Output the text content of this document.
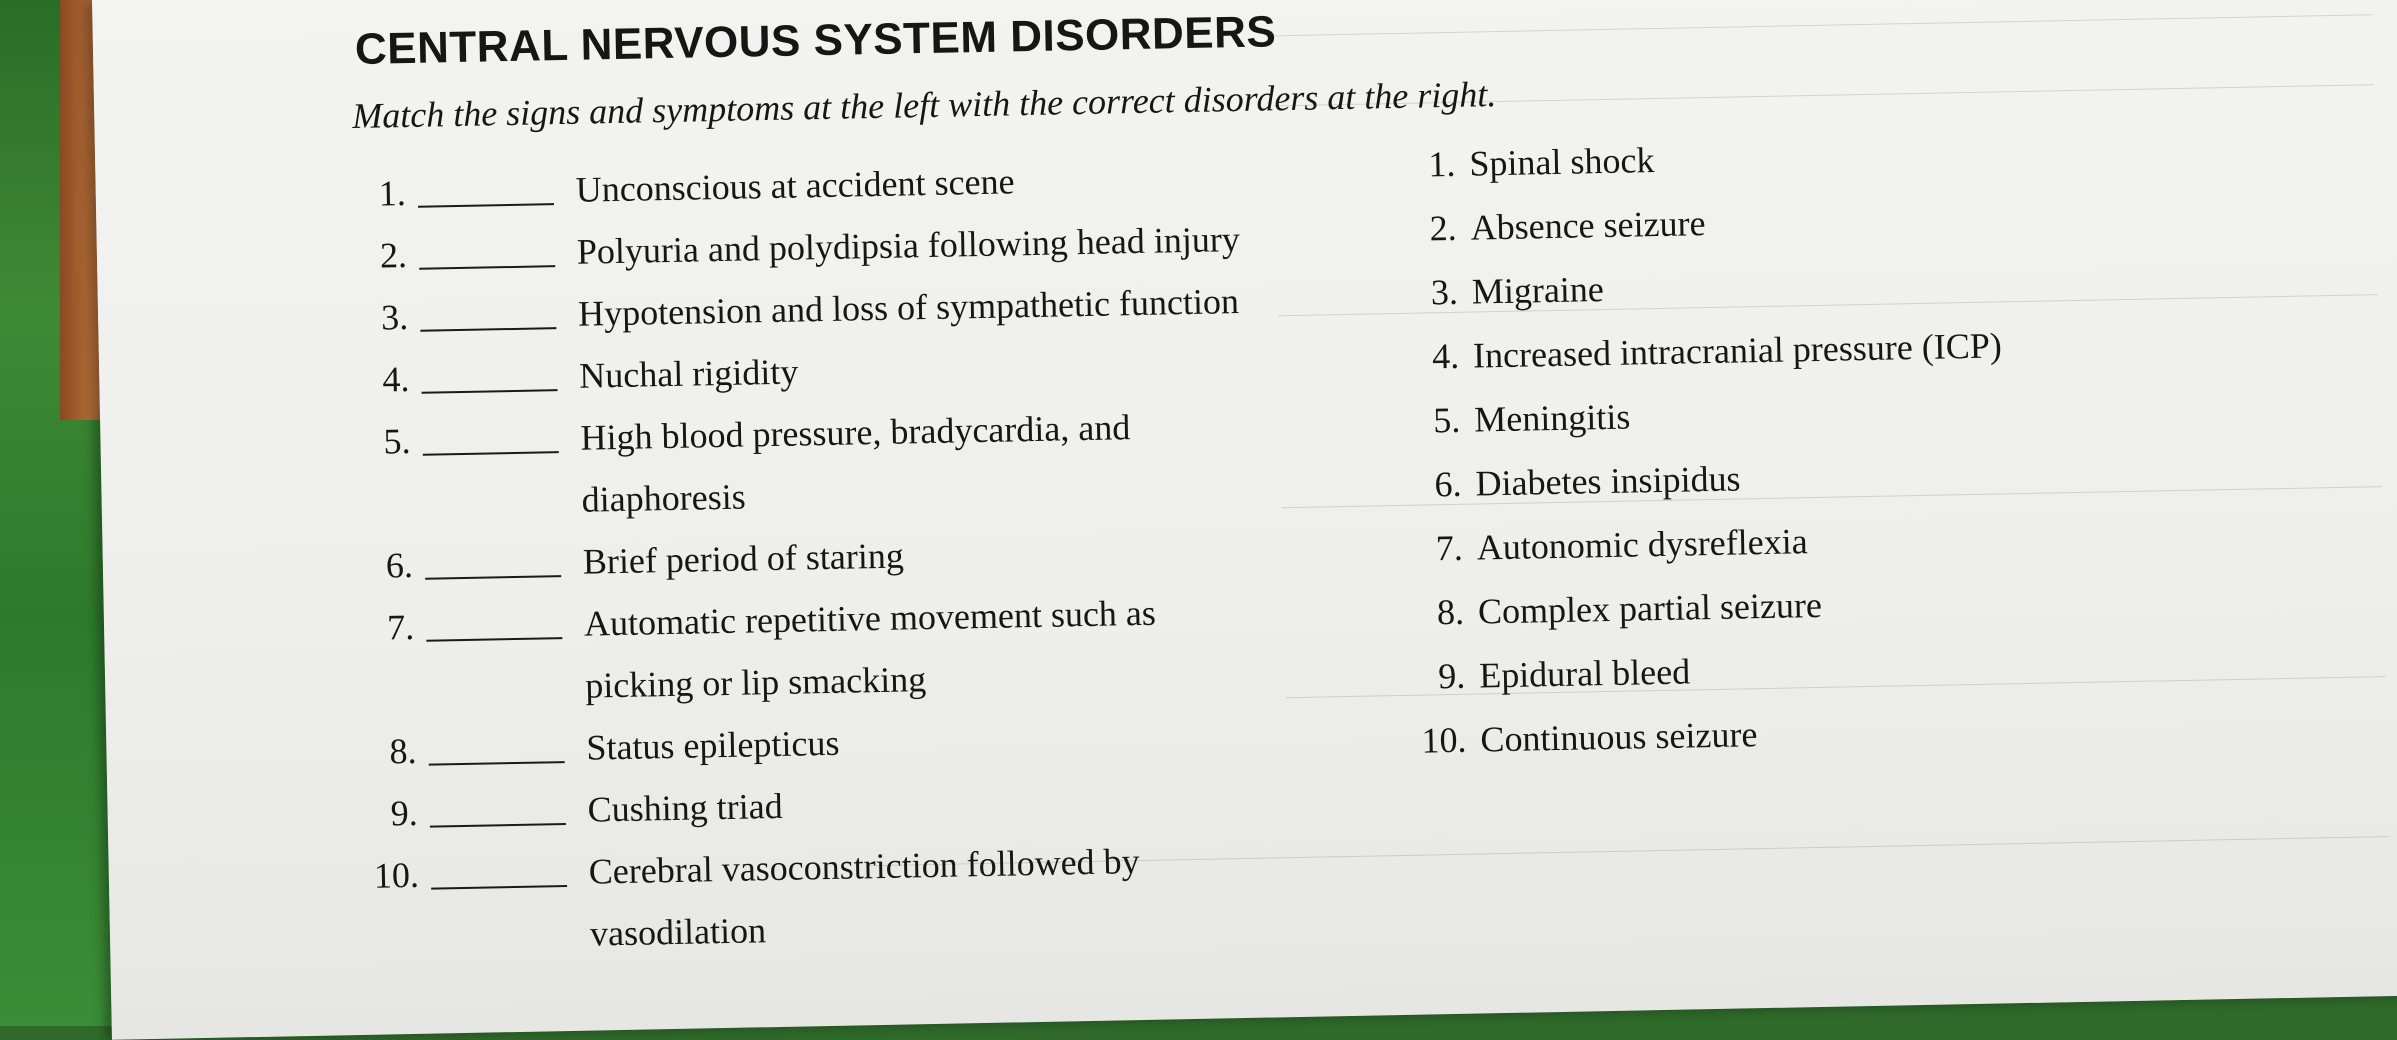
CENTRAL NERVOUS SYSTEM DISORDERS
Match the signs and symptoms at the left with the correct disorders at the right.
1.	Unconscious at accident scene
2.	Polyuria and polydipsia following head injury
3.	Hypotension and loss of sympathetic function
4.	Nuchal rigidity
5.	High blood pressure, bradycardia, and
diaphoresis
6.	Brief period of staring
7.	Automatic repetitive movement such as
picking or lip smacking
8.	Status epilepticus
9.	Cushing triad
10.	Cerebral vasoconstriction followed by
vasodilation
1. Spinal shock
2. Absence seizure
3. Migraine
4. Increased intracranial pressure (ICP)
5. Meningitis
6. Diabetes insipidus
7. Autonomic dysreflexia
8. Complex partial seizure
9. Epidural bleed
10. Continuous seizure
